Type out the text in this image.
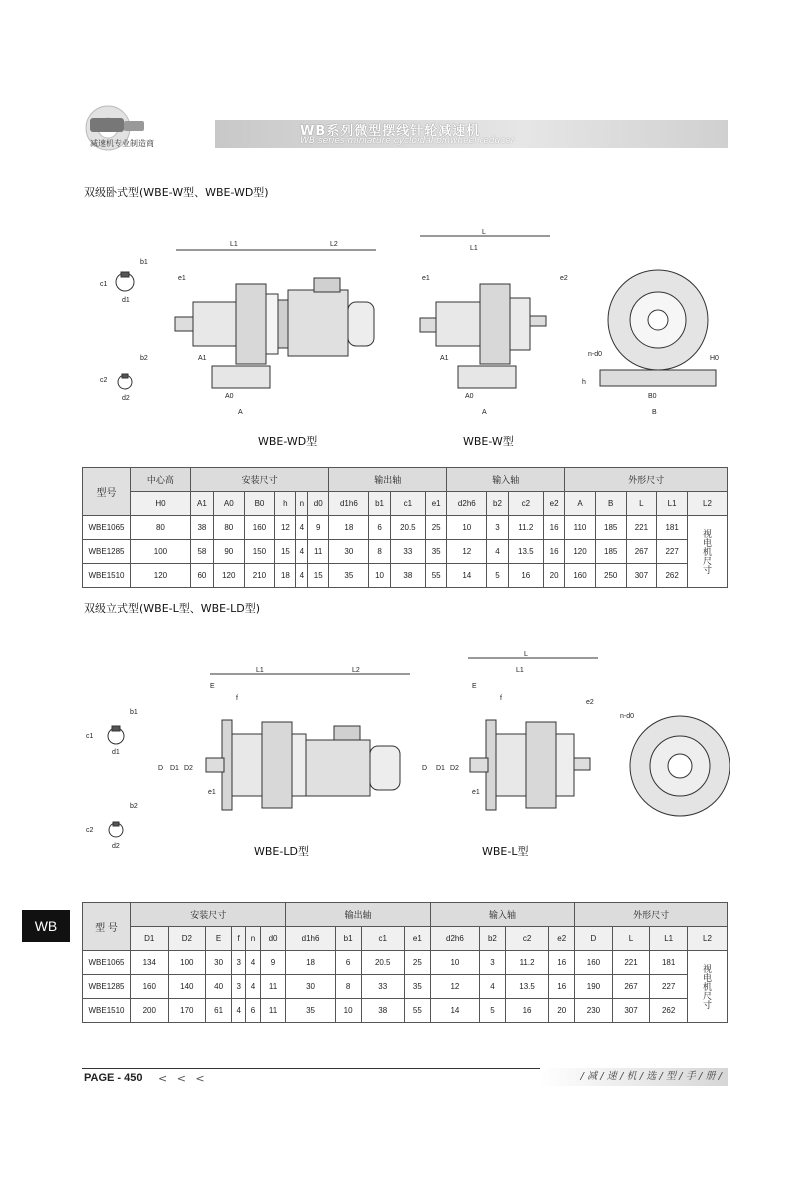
减速机专业制造商
WB系列微型摆线针轮减速机
WB series miniature cycloidal pinwheel reducer
双级卧式型(WBE-W型、WBE-WD型)
b1
c1
d1
b2
c2
d2
L1	L2
e1
A1
A0
A
L
L1
e1	e2
A1
A0
A
n-d0
H0
h
B0
B
WBE-WD型	WBE-W型
型号	中心高	安装尺寸						输出轴				输入轴				外形尺寸				
	H0	A1	A0	B0	h	n	d0	d1h6	b1	c1	e1	d2h6	b2	c2	e2	A	B	L	L1	L2
WBE1065	80	38	80	160	12	4	9	18	6	20.5	25	10	3	11.2	16	110	185	221	181	视电机尺寸
WBE1285	100	58	90	150	15	4	11	30	8	33	35	12	4	13.5	16	120	185	267	227	
WBE1510	120	60	120	210	18	4	15	35	10	38	55	14	5	16	20	160	250	307	262	
双级立式型(WBE-L型、WBE-LD型)
b1
c1
d1
b2
c2
d2
L1	L2
E
f
D D1 D2
e1
L
L1
E
f
e2
D D1 D2
e1
n-d0
WBE-LD型	WBE-L型
WB	型 号	安装尺寸						输出轴				输入轴				外形尺寸			
	D1	D2	E	f	n	d0	d1h6	b1	c1	e1	d2h6	b2	c2	e2	D	L	L1	L2
WBE1065	134	100	30	3	4	9	18	6	20.5	25	10	3	11.2	16	160	221	181	视电机尺寸
WBE1285	160	140	40	3	4	11	30	8	33	35	12	4	13.5	16	190	267	227	
WBE1510	200	170	61	4	6	11	35	10	38	55	14	5	16	20	230	307	262	
PAGE - 450 < < <	/ 减 / 速 / 机 / 选 / 型 / 手 / 册 /
